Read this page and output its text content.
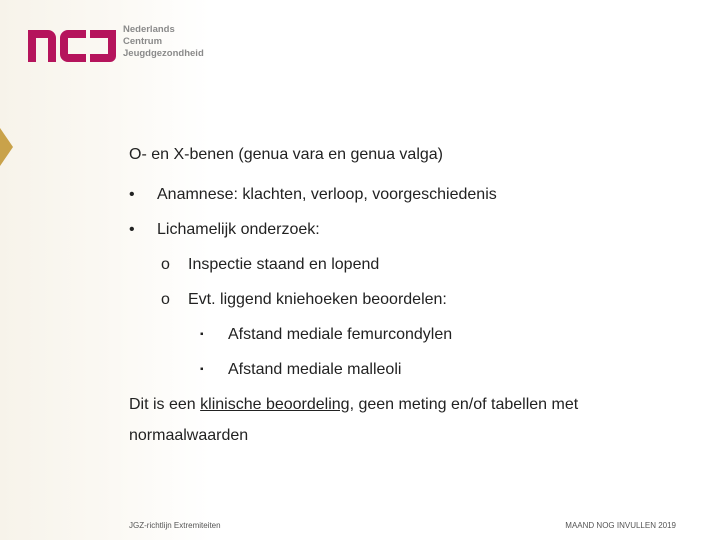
Nederlands
Centrum
Jeugdgezondheid
O- en X-benen (genua vara en genua valga)
• Anamnese: klachten, verloop, voorgeschiedenis
• Lichamelijk onderzoek:
o Inspectie staand en lopend
o Evt. liggend kniehoeken beoordelen:
▪ Afstand mediale femurcondylen
▪ Afstand mediale malleoli
Dit is een klinische beoordeling, geen meting en/of tabellen met
normaalwaarden
JGZ-richtlijn Extremiteiten	MAAND NOG INVULLEN 2019
